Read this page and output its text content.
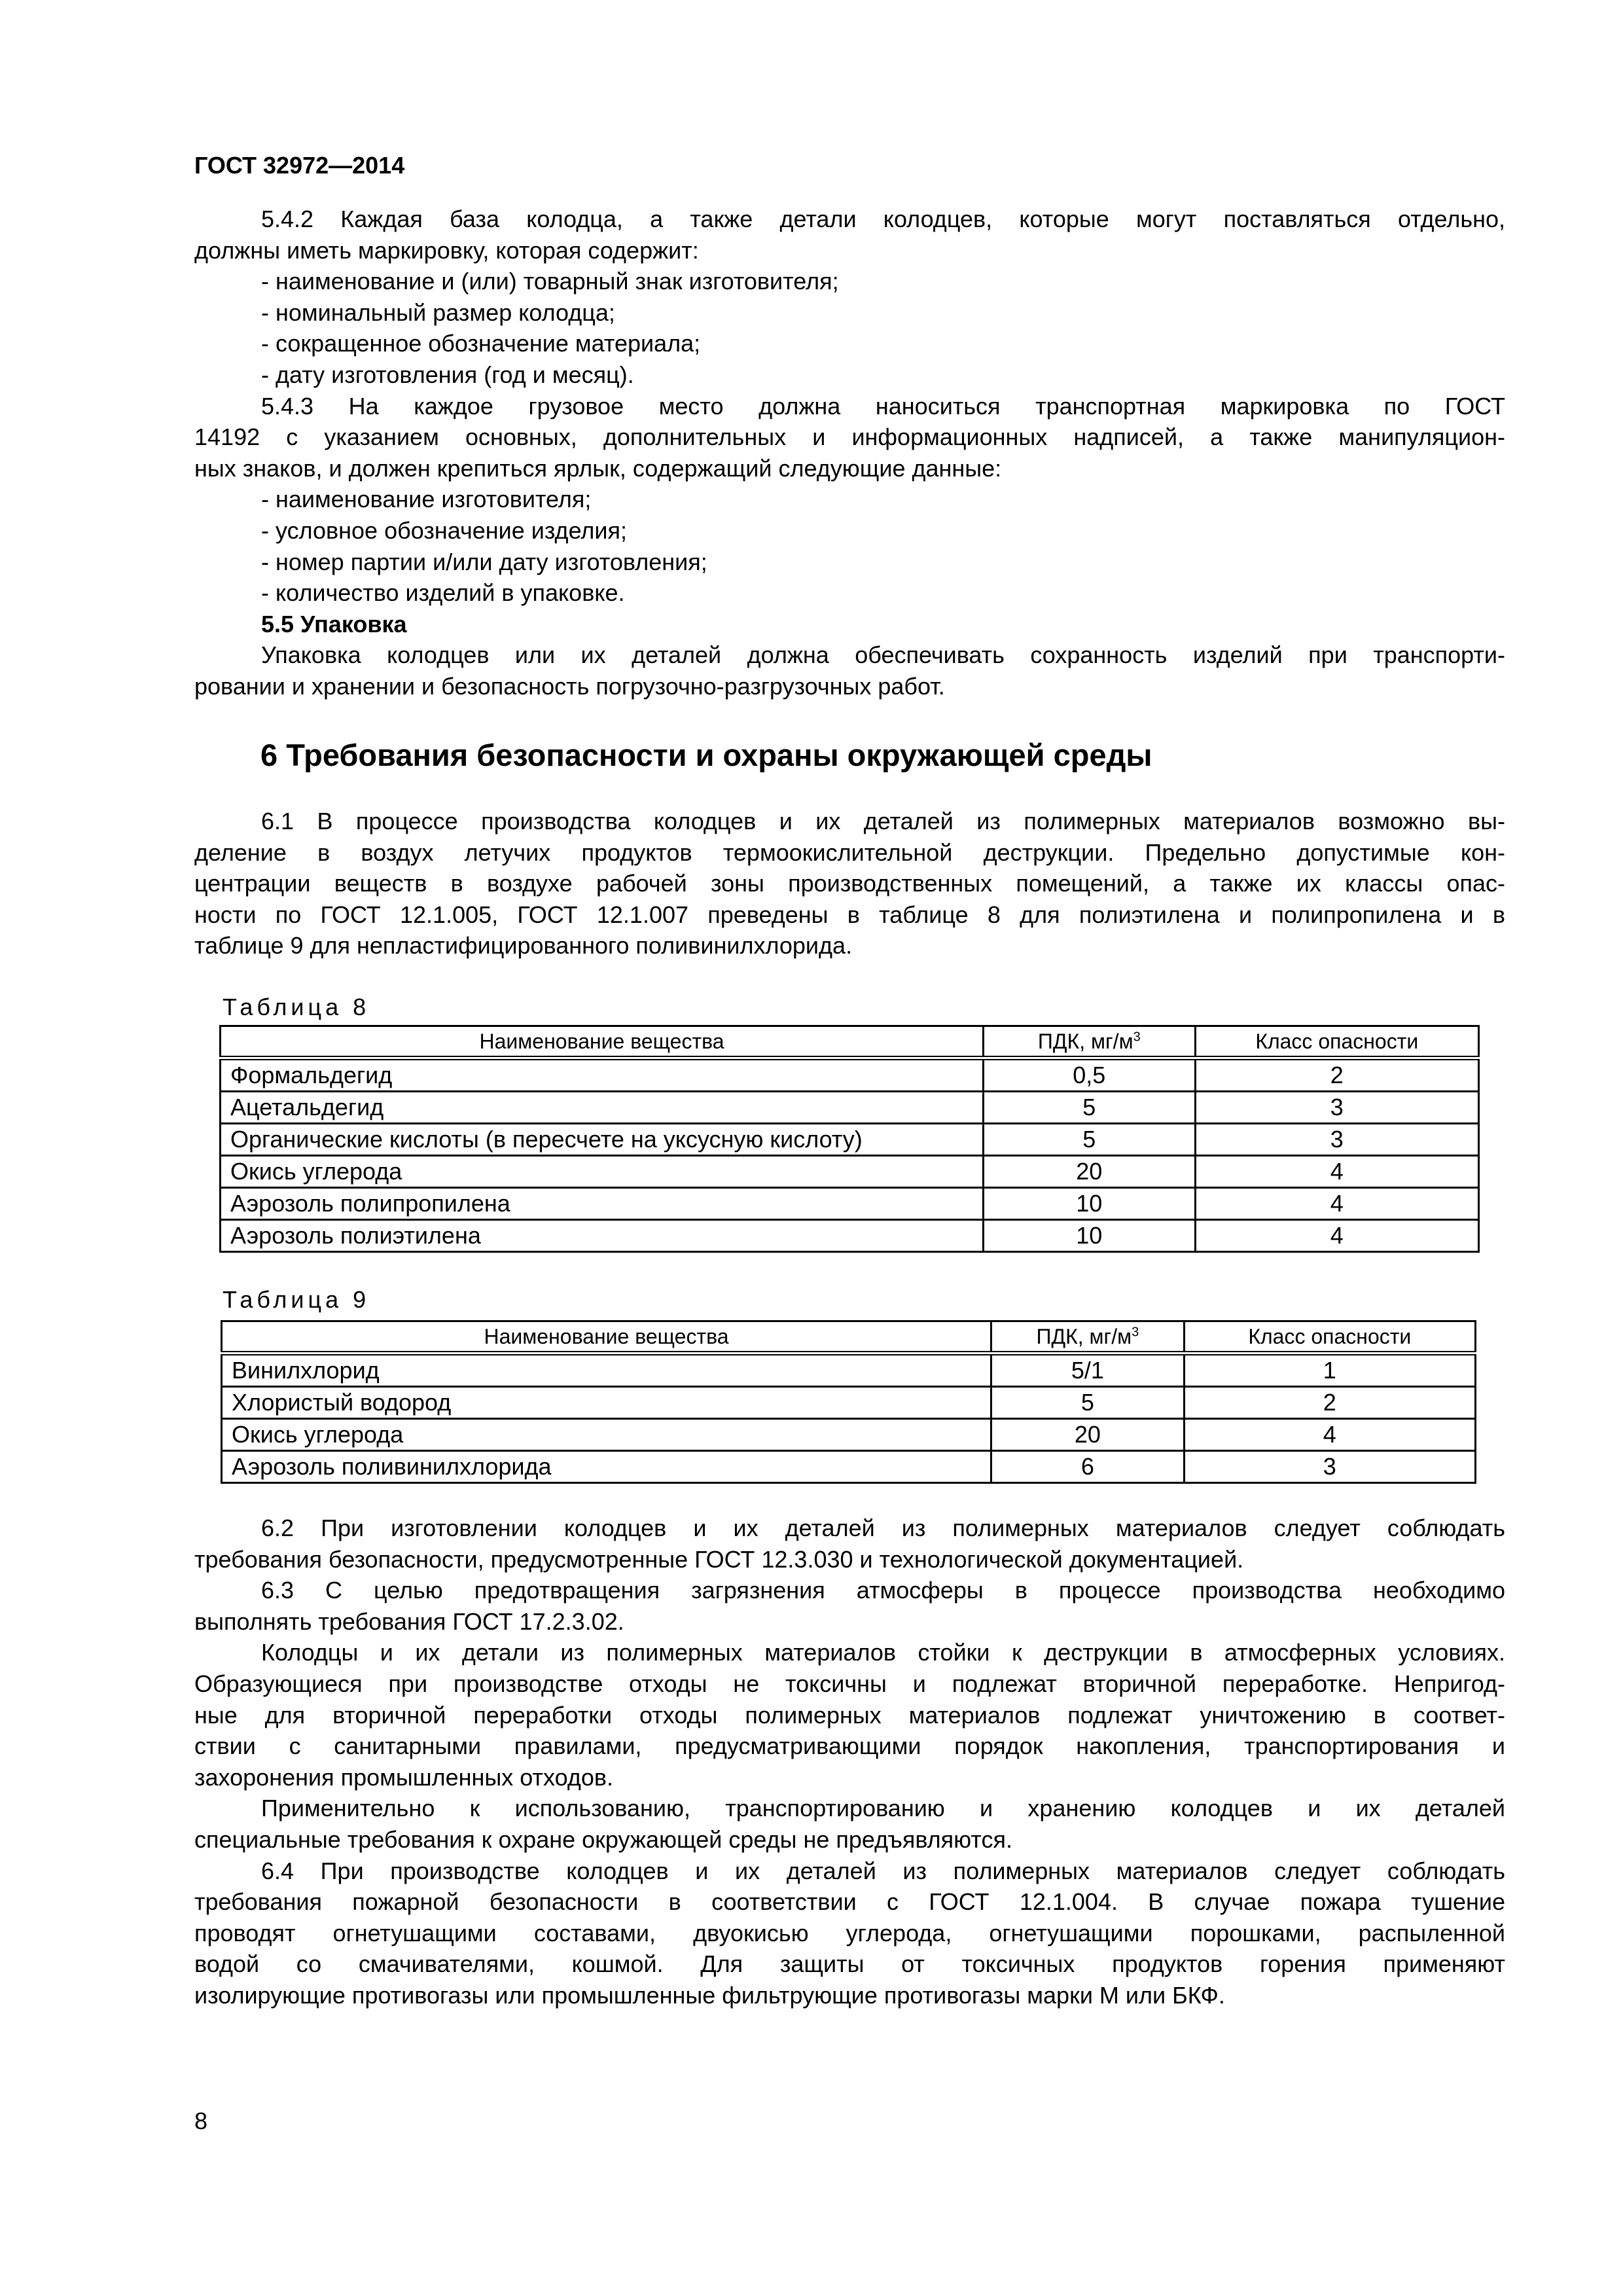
ГОСТ 32972—2014
5.4.2 Каждая база колодца, а также детали колодцев, которые могут поставляться отдельно,
должны иметь маркировку, которая содержит:
- наименование и (или) товарный знак изготовителя;
- номинальный размер колодца;
- сокращенное обозначение материала;
- дату изготовления (год и месяц).
5.4.3 На каждое грузовое место должна наноситься транспортная маркировка по ГОСТ
14192 с указанием основных, дополнительных и информационных надписей, а также манипуляцион-
ных знаков, и должен крепиться ярлык, содержащий следующие данные:
- наименование изготовителя;
- условное обозначение изделия;
- номер партии и/или дату изготовления;
- количество изделий в упаковке.
5.5 Упаковка
Упаковка колодцев или их деталей должна обеспечивать сохранность изделий при транспорти-
ровании и хранении и безопасность погрузочно-разгрузочных работ.
6 Требования безопасности и охраны окружающей среды
6.1 В процессе производства колодцев и их деталей из полимерных материалов возможно вы-
деление в воздух летучих продуктов термоокислительной деструкции. Предельно допустимые кон-
центрации веществ в воздухе рабочей зоны производственных помещений, а также их классы опас-
ности по ГОСТ 12.1.005, ГОСТ 12.1.007 преведены в таблице 8 для полиэтилена и полипропилена и в
таблице 9 для непластифицированного поливинилхлорида.
Таблица 8
Наименование вещества	ПДК, $мг/м^3$	Класс опасности
Формальдегид	0,5	2
Ацетальдегид	5	3
Органические кислоты (в пересчете на уксусную кислоту)	5	3
Окись углерода	20	4
Аэрозоль полипропилена	10	4
Аэрозоль полиэтилена	10	4
Таблица 9
Наименование вещества	ПДК, $мг/м^3$	Класс опасности
Винилхлорид	5/1	1
Хлористый водород	5	2
Окись углерода	20	4
Аэрозоль поливинилхлорида	6	3
6.2 При изготовлении колодцев и их деталей из полимерных материалов следует соблюдать
требования безопасности, предусмотренные ГОСТ 12.3.030 и технологической документацией.
6.3 С целью предотвращения загрязнения атмосферы в процессе производства необходимо
выполнять требования ГОСТ 17.2.3.02.
Колодцы и их детали из полимерных материалов стойки к деструкции в атмосферных условиях.
Образующиеся при производстве отходы не токсичны и подлежат вторичной переработке. Непригод-
ные для вторичной переработки отходы полимерных материалов подлежат уничтожению в соответ-
ствии с санитарными правилами, предусматривающими порядок накопления, транспортирования и
захоронения промышленных отходов.
Применительно к использованию, транспортированию и хранению колодцев и их деталей
специальные требования к охране окружающей среды не предъявляются.
6.4 При производстве колодцев и их деталей из полимерных материалов следует соблюдать
требования пожарной безопасности в соответствии с ГОСТ 12.1.004. В случае пожара тушение
проводят огнетушащими составами, двуокисью углерода, огнетушащими порошками, распыленной
водой со смачивателями, кошмой. Для защиты от токсичных продуктов горения применяют
изолирующие противогазы или промышленные фильтрующие противогазы марки М или БКФ.
8
